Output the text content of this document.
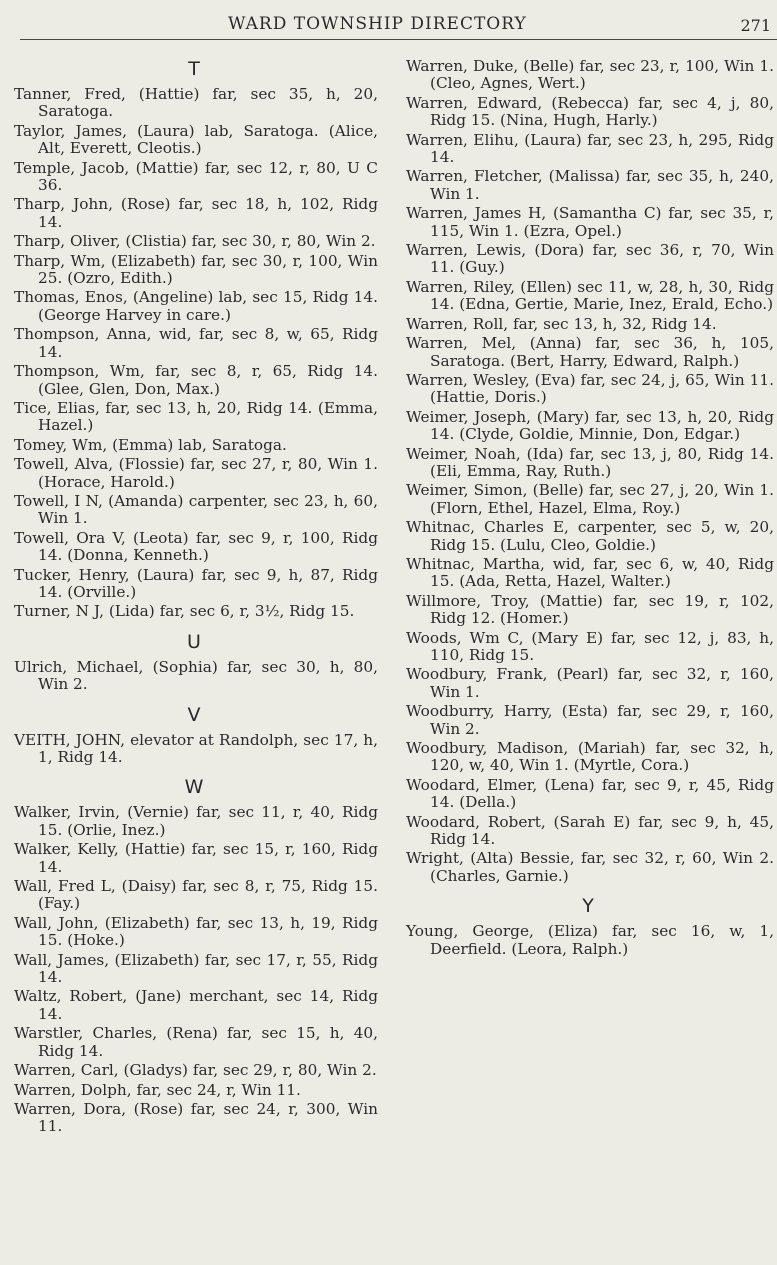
WARD TOWNSHIP DIRECTORY	271
T
Tanner, Fred, (Hattie) far, sec 35, h, 20, Saratoga.
Taylor, James, (Laura) lab, Saratoga. (Alice, Alt, Everett, Cleotis.)
Temple, Jacob, (Mattie) far, sec 12, r, 80, U C 36.
Tharp, John, (Rose) far, sec 18, h, 102, Ridg 14.
Tharp, Oliver, (Clistia) far, sec 30, r, 80, Win 2.
Tharp, Wm, (Elizabeth) far, sec 30, r, 100, Win 25. (Ozro, Edith.)
Thomas, Enos, (Angeline) lab, sec 15, Ridg 14. (George Harvey in care.)
Thompson, Anna, wid, far, sec 8, w, 65, Ridg 14.
Thompson, Wm, far, sec 8, r, 65, Ridg 14. (Glee, Glen, Don, Max.)
Tice, Elias, far, sec 13, h, 20, Ridg 14. (Emma, Hazel.)
Tomey, Wm, (Emma) lab, Saratoga.
Towell, Alva, (Flossie) far, sec 27, r, 80, Win 1. (Horace, Harold.)
Towell, I N, (Amanda) carpenter, sec 23, h, 60, Win 1.
Towell, Ora V, (Leota) far, sec 9, r, 100, Ridg 14. (Donna, Kenneth.)
Tucker, Henry, (Laura) far, sec 9, h, 87, Ridg 14. (Orville.)
Turner, N J, (Lida) far, sec 6, r, 3½, Ridg 15.
U
Ulrich, Michael, (Sophia) far, sec 30, h, 80, Win 2.
V
VEITH, JOHN, elevator at Randolph, sec 17, h, 1, Ridg 14.
W
Walker, Irvin, (Vernie) far, sec 11, r, 40, Ridg 15. (Orlie, Inez.)
Walker, Kelly, (Hattie) far, sec 15, r, 160, Ridg 14.
Wall, Fred L, (Daisy) far, sec 8, r, 75, Ridg 15. (Fay.)
Wall, John, (Elizabeth) far, sec 13, h, 19, Ridg 15. (Hoke.)
Wall, James, (Elizabeth) far, sec 17, r, 55, Ridg 14.
Waltz, Robert, (Jane) merchant, sec 14, Ridg 14.
Warstler, Charles, (Rena) far, sec 15, h, 40, Ridg 14.
Warren, Carl, (Gladys) far, sec 29, r, 80, Win 2.
Warren, Dolph, far, sec 24, r, Win 11.
Warren, Dora, (Rose) far, sec 24, r, 300, Win 11.
Warren, Duke, (Belle) far, sec 23, r, 100, Win 1. (Cleo, Agnes, Wert.)
Warren, Edward, (Rebecca) far, sec 4, j, 80, Ridg 15. (Nina, Hugh, Harly.)
Warren, Elihu, (Laura) far, sec 23, h, 295, Ridg 14.
Warren, Fletcher, (Malissa) far, sec 35, h, 240, Win 1.
Warren, James H, (Samantha C) far, sec 35, r, 115, Win 1. (Ezra, Opel.)
Warren, Lewis, (Dora) far, sec 36, r, 70, Win 11. (Guy.)
Warren, Riley, (Ellen) sec 11, w, 28, h, 30, Ridg 14. (Edna, Gertie, Marie, Inez, Erald, Echo.)
Warren, Roll, far, sec 13, h, 32, Ridg 14.
Warren, Mel, (Anna) far, sec 36, h, 105, Saratoga. (Bert, Harry, Edward, Ralph.)
Warren, Wesley, (Eva) far, sec 24, j, 65, Win 11. (Hattie, Doris.)
Weimer, Joseph, (Mary) far, sec 13, h, 20, Ridg 14. (Clyde, Goldie, Minnie, Don, Edgar.)
Weimer, Noah, (Ida) far, sec 13, j, 80, Ridg 14. (Eli, Emma, Ray, Ruth.)
Weimer, Simon, (Belle) far, sec 27, j, 20, Win 1. (Florn, Ethel, Hazel, Elma, Roy.)
Whitnac, Charles E, carpenter, sec 5, w, 20, Ridg 15. (Lulu, Cleo, Goldie.)
Whitnac, Martha, wid, far, sec 6, w, 40, Ridg 15. (Ada, Retta, Hazel, Walter.)
Willmore, Troy, (Mattie) far, sec 19, r, 102, Ridg 12. (Homer.)
Woods, Wm C, (Mary E) far, sec 12, j, 83, h, 110, Ridg 15.
Woodbury, Frank, (Pearl) far, sec 32, r, 160, Win 1.
Woodburry, Harry, (Esta) far, sec 29, r, 160, Win 2.
Woodbury, Madison, (Mariah) far, sec 32, h, 120, w, 40, Win 1. (Myrtle, Cora.)
Woodard, Elmer, (Lena) far, sec 9, r, 45, Ridg 14. (Della.)
Woodard, Robert, (Sarah E) far, sec 9, h, 45, Ridg 14.
Wright, (Alta) Bessie, far, sec 32, r, 60, Win 2. (Charles, Garnie.)
Y
Young, George, (Eliza) far, sec 16, w, 1, Deerfield. (Leora, Ralph.)
